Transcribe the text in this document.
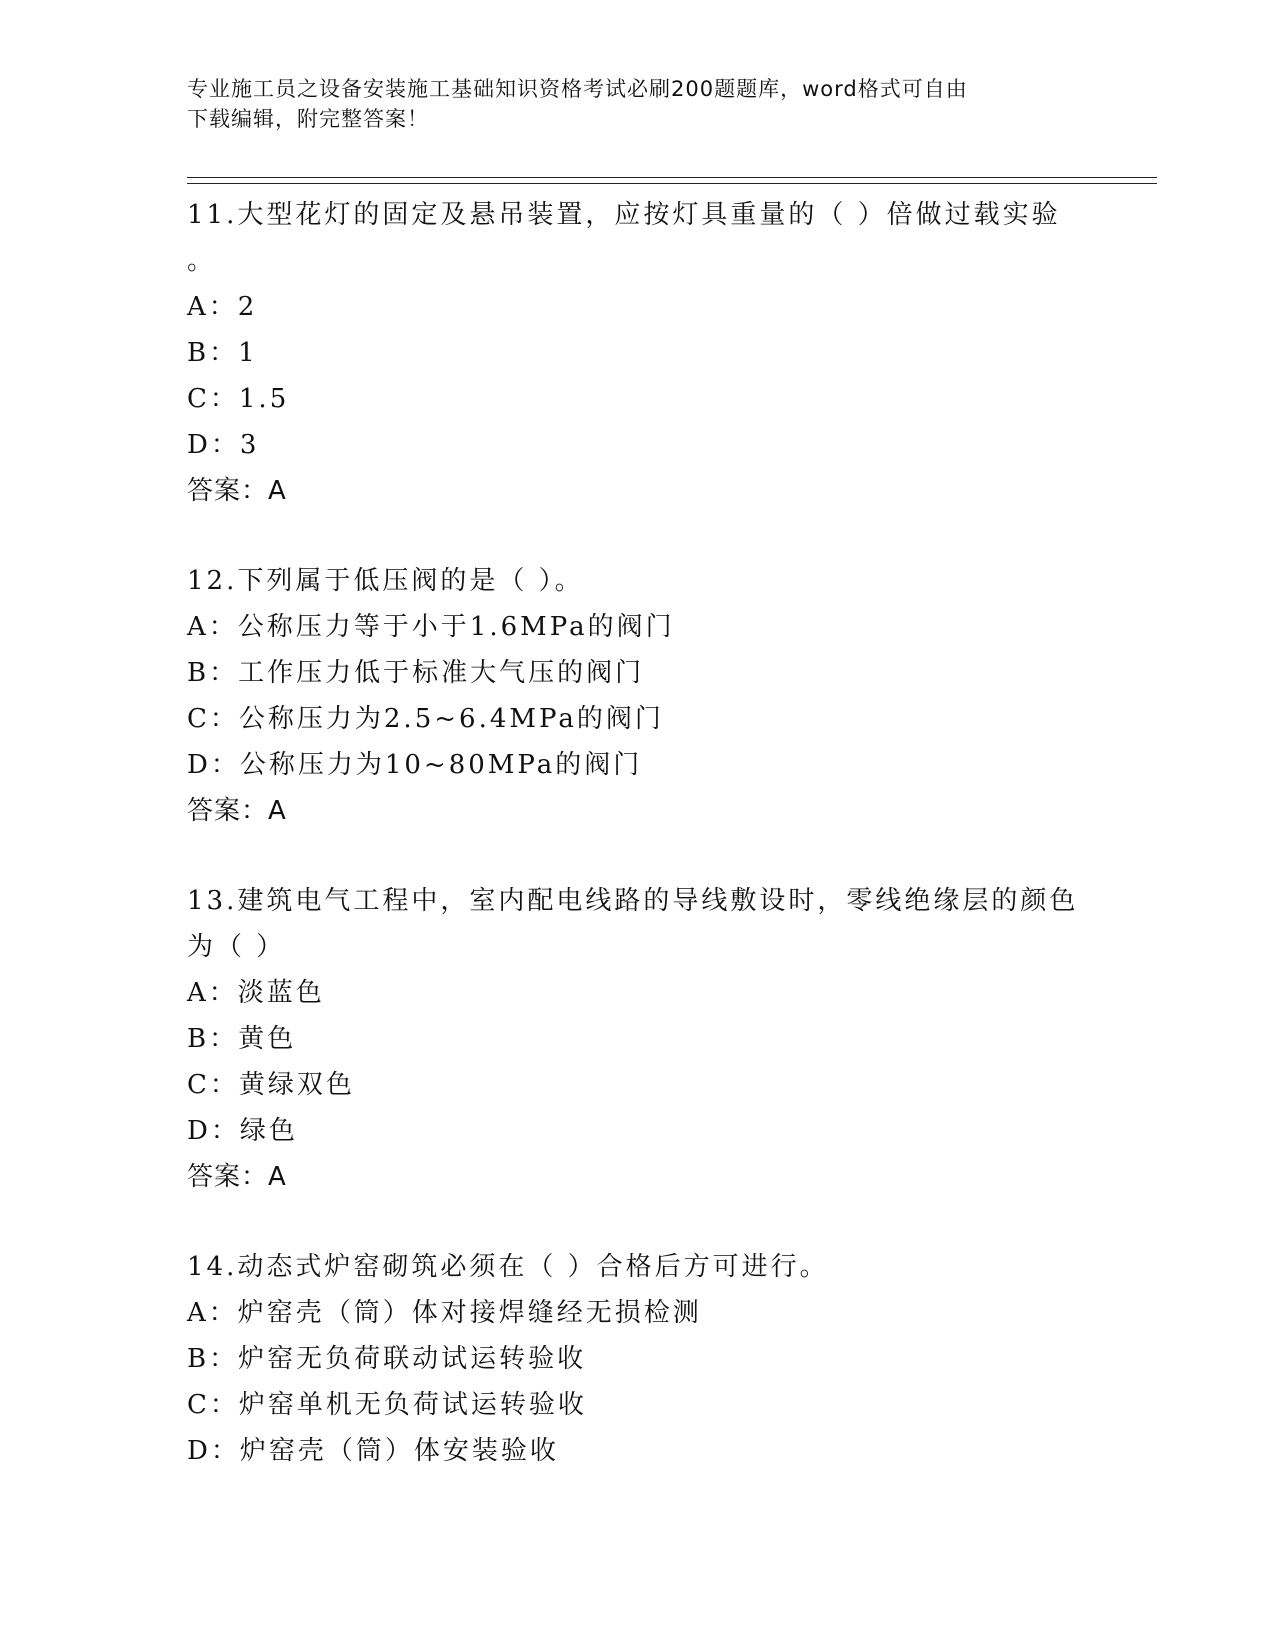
专业施工员之设备安装施工基础知识资格考试必刷200题题库，word格式可自由
下载编辑，附完整答案！
11.大型花灯的固定及悬吊装置，应按灯具重量的（ ）倍做过载实验
。
A：2
B：1
C：1.5
D：3
答案：A
12.下列属于低压阀的是（ ）。
A：公称压力等于小于1.6MPa的阀门
B：工作压力低于标准大气压的阀门
C：公称压力为2.5~6.4MPa的阀门
D：公称压力为10~80MPa的阀门
答案：A
13.建筑电气工程中，室内配电线路的导线敷设时，零线绝缘层的颜色
为（ ）
A：淡蓝色
B：黄色
C：黄绿双色
D：绿色
答案：A
14.动态式炉窑砌筑必须在（ ）合格后方可进行。
A：炉窑壳（筒）体对接焊缝经无损检测
B：炉窑无负荷联动试运转验收
C：炉窑单机无负荷试运转验收
D：炉窑壳（筒）体安装验收
